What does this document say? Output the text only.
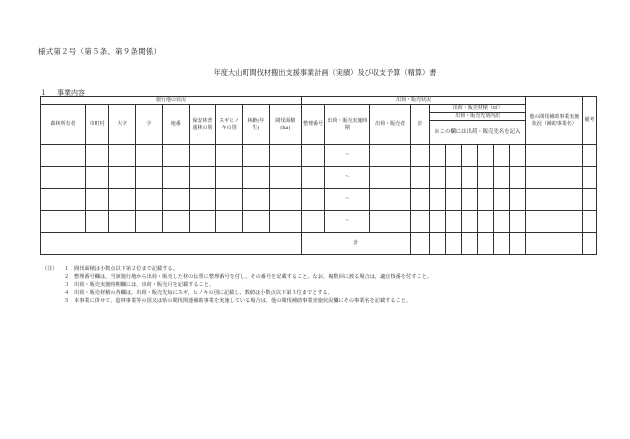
様式第２号（第５条、第９条関係）
年度大山町間伐材搬出支援事業計画（実績）及び収支予算（精算）書
１ 事業内容
施行地の状況									出荷・販売状況										他の間伐補助事業実施状況（補助事業名）	備考
森林所有者	市町村	大字	字	地番	保安林普通林の別	スギヒノキの別	林齢(年生)	間伐面積(ha)	整理番号	出荷・販売実施時期	出荷・販売者	計	出荷・販売材積（㎥）							
													出荷・販売先別内訳							
													※この欄には出荷・販売先名を記入							
										～										
										～										
										～										
										～										
									計											
（注）	１ 間伐面積は小数点以下第２位まで記載する。
２ 整理番号欄は，当該施行地から出荷・販売した材の伝票に整理番号を付し，その番号を記載すること。なお，複数回に渡る場合は，適宜枝番を付すこと。
３ 出荷・販売実施時期欄には，出荷・販売月を記載すること。
４ 出荷・販売材積の各欄は，出荷・販売先毎にスギ，ヒノキの別に記載し，数値は小数点以下第３位までとする。
５ 本事業に併せて，造林事業等の国又は県の間伐関連補助事業を実施している場合は，他の間伐補助事業実施状況欄にその事業名を記載すること。
